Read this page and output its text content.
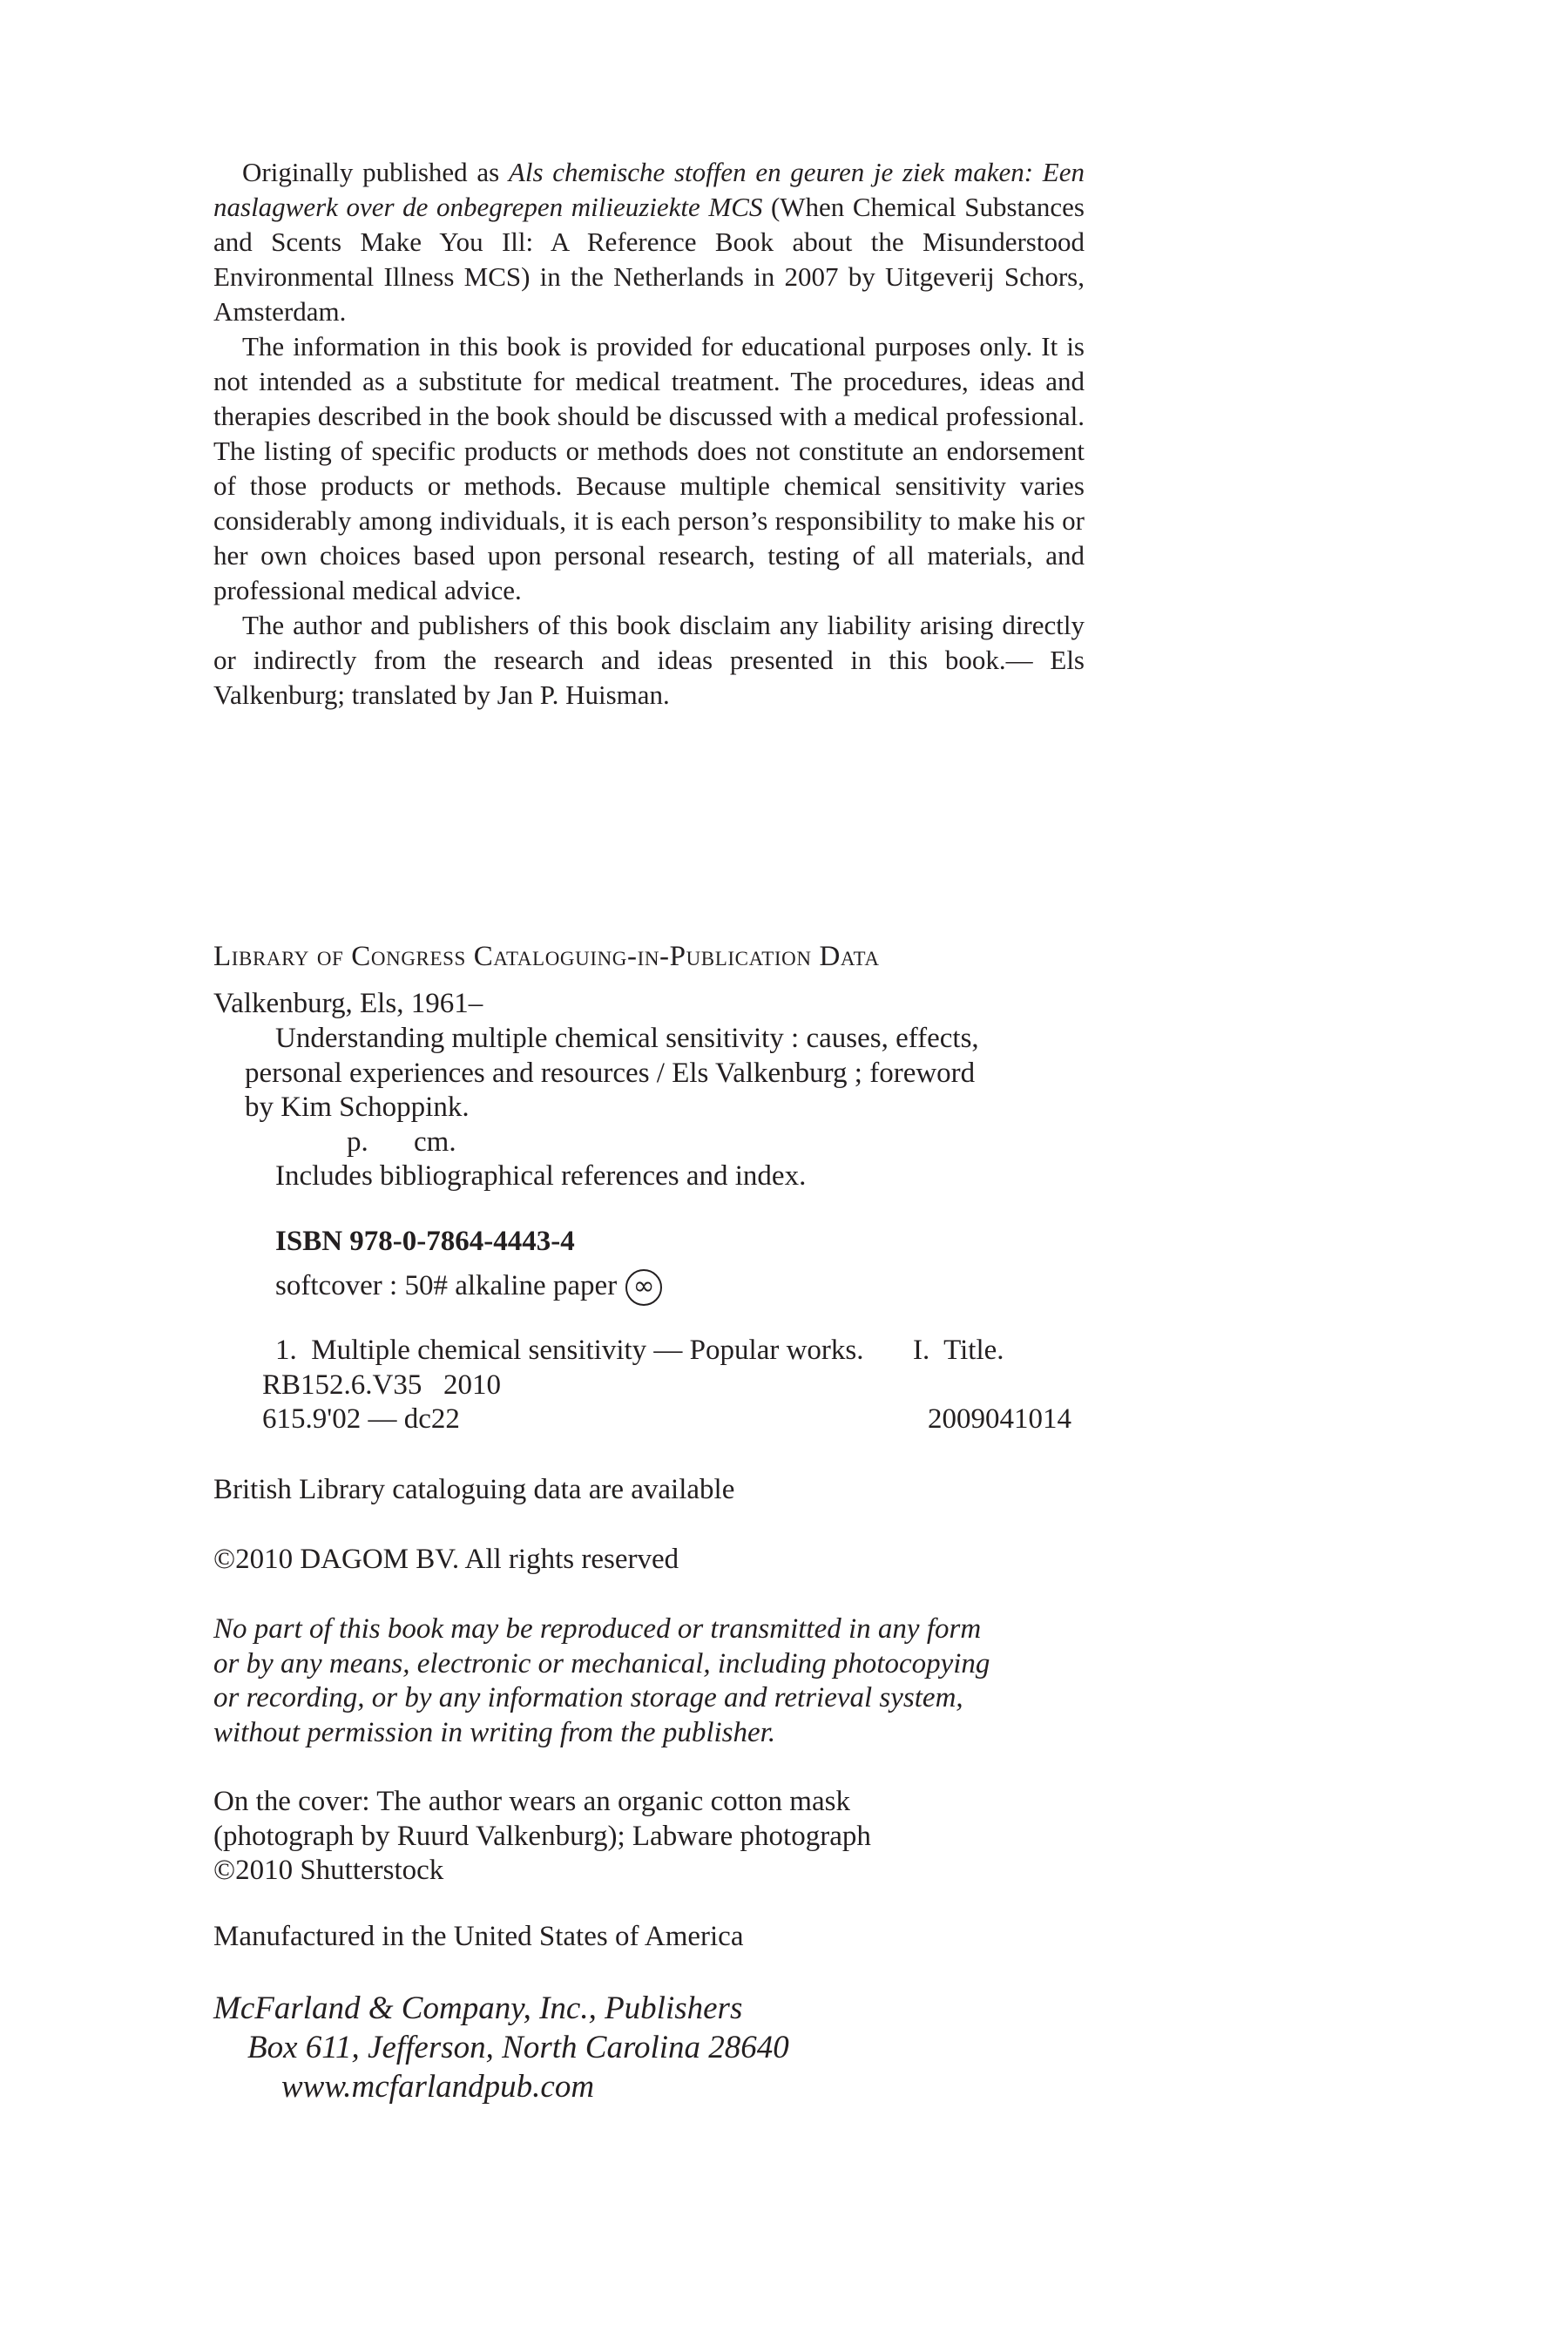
Originally published as Als chemische stoffen en geuren je ziek maken: Een naslagwerk over de onbegrepen milieuziekte MCS (When Chemical Substances and Scents Make You Ill: A Reference Book about the Misunderstood Environmental Illness MCS) in the Netherlands in 2007 by Uitgeverij Schors, Amsterdam.

The information in this book is provided for educational purposes only. It is not intended as a substitute for medical treatment. The procedures, ideas and therapies described in the book should be discussed with a medical professional. The listing of specific products or methods does not constitute an endorsement of those products or methods. Because multiple chemical sensitivity varies considerably among individuals, it is each person’s responsibility to make his or her own choices based upon personal research, testing of all materials, and professional medical advice.

The author and publishers of this book disclaim any liability arising directly or indirectly from the research and ideas presented in this book.— Els Valkenburg; translated by Jan P. Huisman.

Library of Congress Cataloguing-in-Publication Data
Valkenburg, Els, 1961–
Understanding multiple chemical sensitivity : causes, effects,
personal experiences and resources / Els Valkenburg ; foreword
by Kim Schoppink.
p. cm.
Includes bibliographical references and index.
ISBN 978-0-7864-4443-4
softcover : 50# alkaline paper ∞
1.  Multiple chemical sensitivity — Popular works. I.  Title.
RB152.6.V35 2010
615.9'02 — dc22	2009041014
British Library cataloguing data are available
©2010 DAGOM BV. All rights reserved
No part of this book may be reproduced or transmitted in any form
or by any means, electronic or mechanical, including photocopying
or recording, or by any information storage and retrieval system,
without permission in writing from the publisher.
On the cover: The author wears an organic cotton mask
(photograph by Ruurd Valkenburg); Labware photograph
©2010 Shutterstock
Manufactured in the United States of America
McFarland & Company, Inc., Publishers
Box 611, Jefferson, North Carolina 28640
www.mcfarlandpub.com
